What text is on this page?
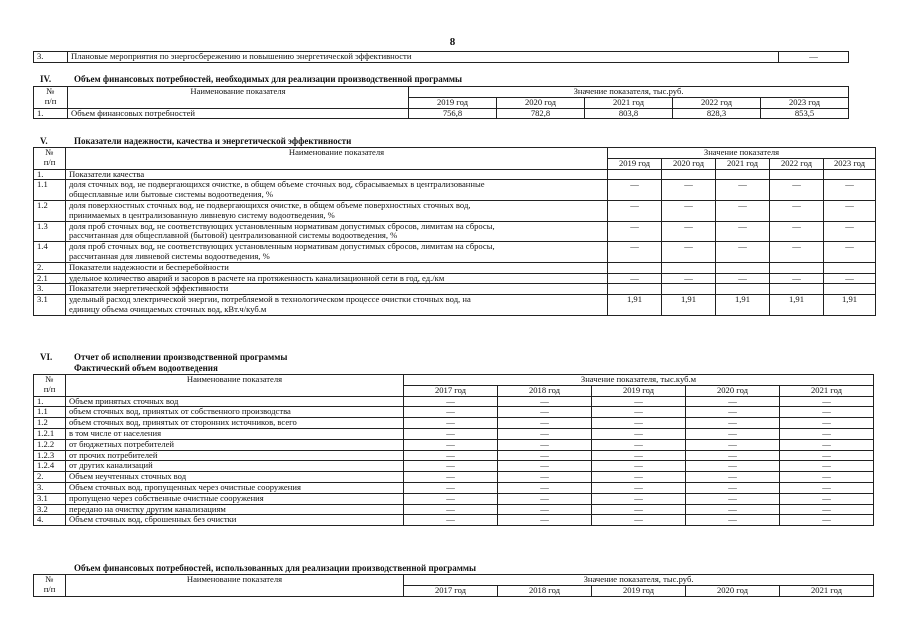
8
3.	Плановые мероприятия по энергосбережению и повышению энергетической эффективности	—
IV.	Объем финансовых потребностей, необходимых для реализации производственной программы
№
п/п	Наименование показателя	Значение показателя, тыс.руб.				
		2019 год	2020 год	2021 год	2022 год	2023 год
1.	Объем финансовых потребностей	756,8	782,8	803,8	828,3	853,5
V.	Показатели надежности, качества и энергетической эффективности
№
п/п	Наименование показателя	Значение показателя				
		2019 год	2020 год	2021 год	2022 год	2023 год
1.	Показатели качества					
1.1	доля сточных вод, не подвергающихся очистке, в общем объеме сточных вод, сбрасываемых в централизованные
общесплавные или бытовые системы водоотведения, %	—	—	—	—	—
1.2	доля поверхностных сточных вод, не подвергающихся очистке, в общем объеме поверхностных сточных вод,
принимаемых в централизованную ливневую систему водоотведения, %	—	—	—	—	—
1.3	доля проб сточных вод, не соответствующих установленным нормативам допустимых сбросов, лимитам на сбросы,
рассчитанная для общесплавной (бытовой) централизованной системы водоотведения, %	—	—	—	—	—
1.4	доля проб сточных вод, не соответствующих установленным нормативам допустимых сбросов, лимитам на сбросы,
рассчитанная для ливневой системы водоотведения, %	—	—	—	—	—
2.	Показатели надежности и бесперебойности					
2.1	удельное количество аварий и засоров в расчете на протяженность канализационной сети в год, ед./км	—	—	—	—	—
3.	Показатели энергетической эффективности					
3.1	удельный расход электрической энергии, потребляемой в технологическом процессе очистки сточных вод, на
единицу объема очищаемых сточных вод, кВт.ч/куб.м	1,91	1,91	1,91	1,91	1,91
VI. Отчет об исполнении производственной программы
Фактический объем водоотведения
№
п/п	Наименование показателя	Значение показателя, тыс.куб.м				
		2017 год	2018 год	2019 год	2020 год	2021 год
1.	Объем принятых сточных вод	—	—	—	—	—
1.1	объем сточных вод, принятых от собственного производства	—	—	—	—	—
1.2	объем сточных вод, принятых от сторонних источников, всего	—	—	—	—	—
1.2.1	в том числе от населения	—	—	—	—	—
1.2.2	от бюджетных потребителей	—	—	—	—	—
1.2.3	от прочих потребителей	—	—	—	—	—
1.2.4	от других канализаций	—	—	—	—	—
2.	Объем неучтенных сточных вод	—	—	—	—	—
3.	Объем сточных вод, пропущенных через очистные сооружения	—	—	—	—	—
3.1	пропущено через собственные очистные сооружения	—	—	—	—	—
3.2	передано на очистку другим канализациям	—	—	—	—	—
4.	Объем сточных вод, сброшенных без очистки	—	—	—	—	—
Объем финансовых потребностей, использованных для реализации производственной программы
№
п/п	Наименование показателя	Значение показателя, тыс.руб.				
		2017 год	2018 год	2019 год	2020 год	2021 год
